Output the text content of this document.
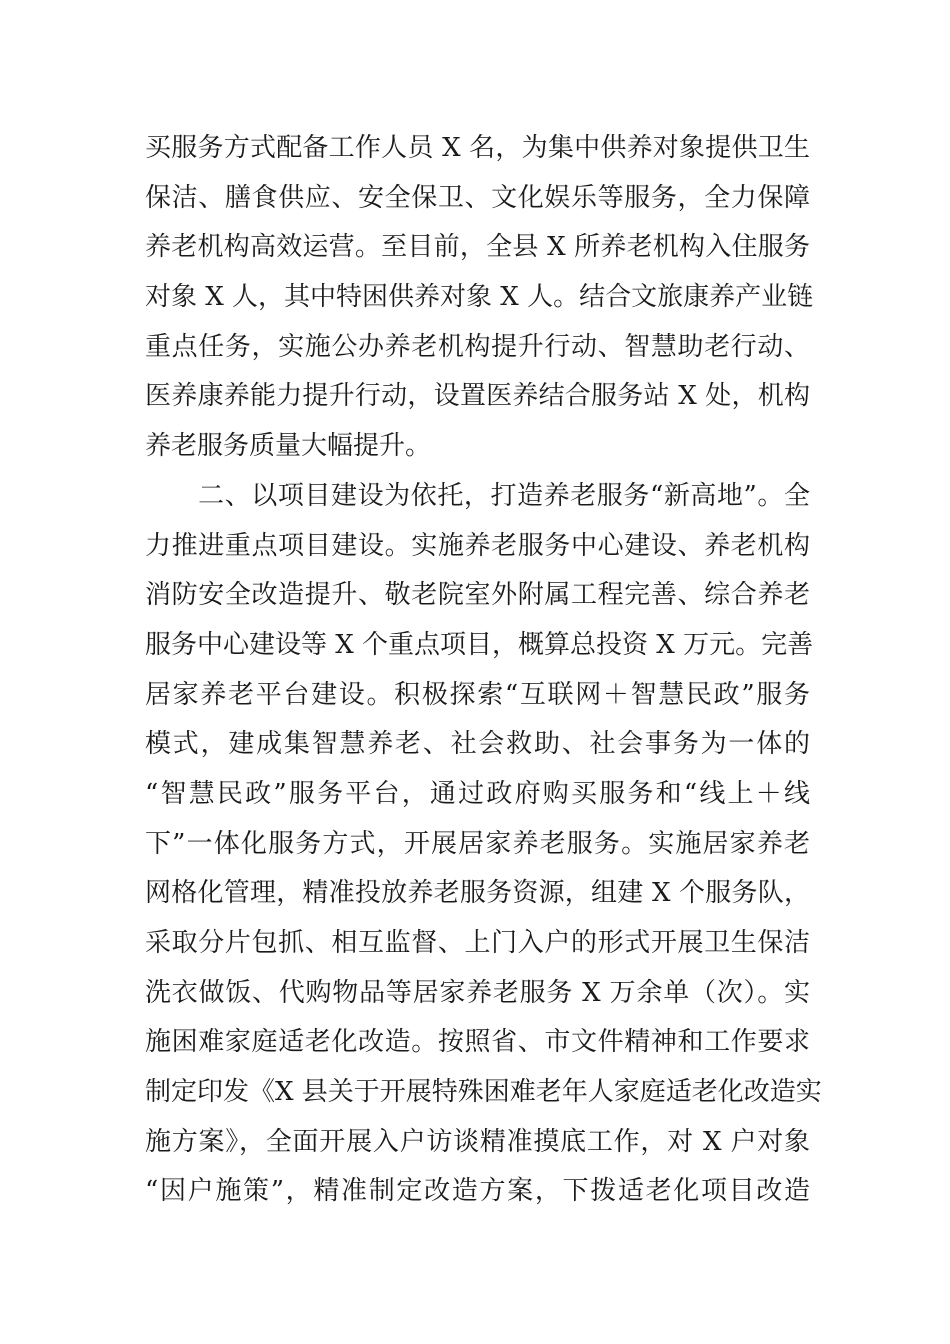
买服务方式配备工作人员 X 名，为集中供养对象提供卫生
保洁、膳食供应、安全保卫、文化娱乐等服务，全力保障
养老机构高效运营。至目前，全县 X 所养老机构入住服务
对象 X 人，其中特困供养对象 X 人。结合文旅康养产业链
重点任务，实施公办养老机构提升行动、智慧助老行动、
医养康养能力提升行动，设置医养结合服务站 X 处，机构
养老服务质量大幅提升。
　　二、以项目建设为依托，打造养老服务“新高地”。全
力推进重点项目建设。实施养老服务中心建设、养老机构
消防安全改造提升、敬老院室外附属工程完善、综合养老
服务中心建设等 X 个重点项目，概算总投资 X 万元。完善
居家养老平台建设。积极探索“互联网＋智慧民政”服务
模式，建成集智慧养老、社会救助、社会事务为一体的
“智慧民政”服务平台，通过政府购买服务和“线上＋线
下”一体化服务方式，开展居家养老服务。实施居家养老
网格化管理，精准投放养老服务资源，组建 X 个服务队，
采取分片包抓、相互监督、上门入户的形式开展卫生保洁
洗衣做饭、代购物品等居家养老服务 X 万余单（次）。实
施困难家庭适老化改造。按照省、市文件精神和工作要求
制定印发《X 县关于开展特殊困难老年人家庭适老化改造实
施方案》，全面开展入户访谈精准摸底工作，对 X 户对象
“因户施策”，精准制定改造方案，下拨适老化项目改造
